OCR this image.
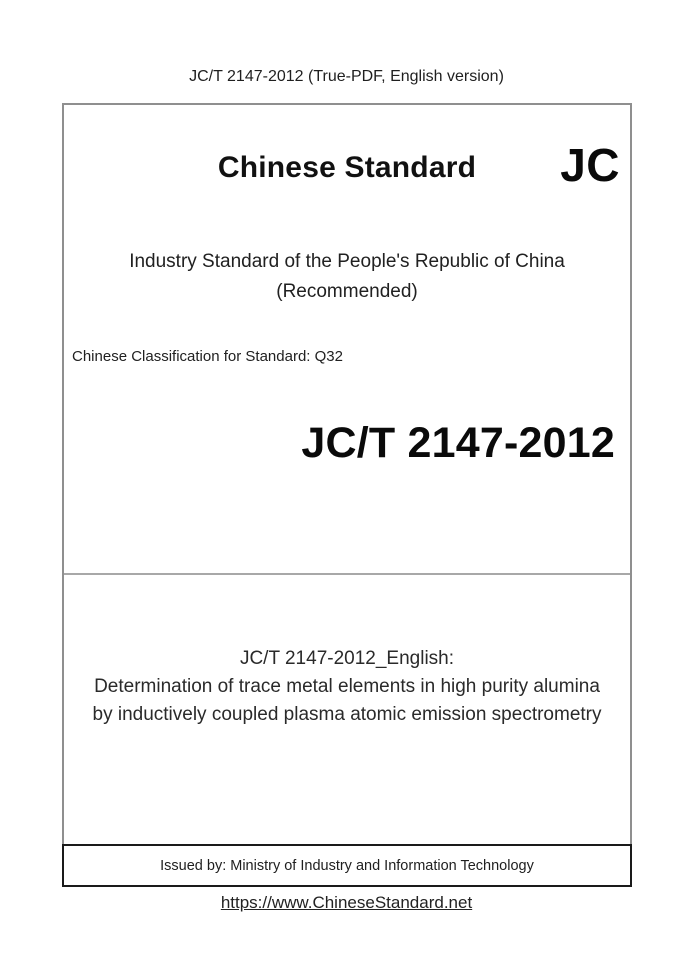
JC/T 2147-2012 (True-PDF, English version)
Chinese Standard	JC
Industry Standard of the People's Republic of China
(Recommended)
Chinese Classification for Standard: Q32
JC/T 2147-2012
JC/T 2147-2012_English:
Determination of trace metal elements in high purity alumina
by inductively coupled plasma atomic emission spectrometry
Issued by: Ministry of Industry and Information Technology
https://www.ChineseStandard.net
